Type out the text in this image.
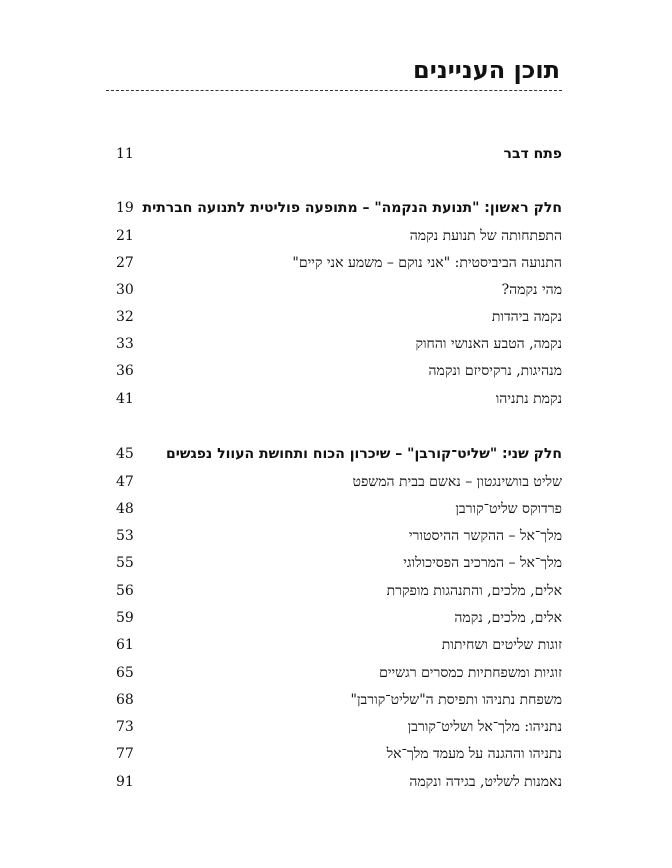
תוכן העניינים
פתח דבר
11
חלק ראשון: "תנועת הנקמה" – מתופעה פוליטית לתנועה חברתית
19
התפתחותה של תנועת נקמה
21
התנועה הביביסטית: "אני נוקם – משמע אני קיים"
27
מהי נקמה?
30
נקמה ביהדות
32
נקמה, הטבע האנושי והחוק
33
מנהיגות, נרקיסיזם ונקמה
36
נקמת נתניהו
41
חלק שני: "שליט־קורבן" – שיכרון הכוח ותחושת העוול נפגשים
45
שליט בוושינגטון – נאשם בבית המשפט
47
פרדוקס שליט־קורבן
48
מלך־אל – ההקשר ההיסטורי
53
מלך־אל – המרכיב הפסיכולוגי
55
אלים, מלכים, והתנהגות מופקרת
56
אלים, מלכים, נקמה
59
זוגות שליטים ושחיתות
61
זוגיות ומשפחתיות כמסרים רגשיים
65
משפחת נתניהו ותפיסת ה"שליט־קורבן"
68
נתניהו: מלך־אל ושליט־קורבן
73
נתניהו וההגנה על מעמד מלך־אל
77
נאמנות לשליט, בגידה ונקמה
91
